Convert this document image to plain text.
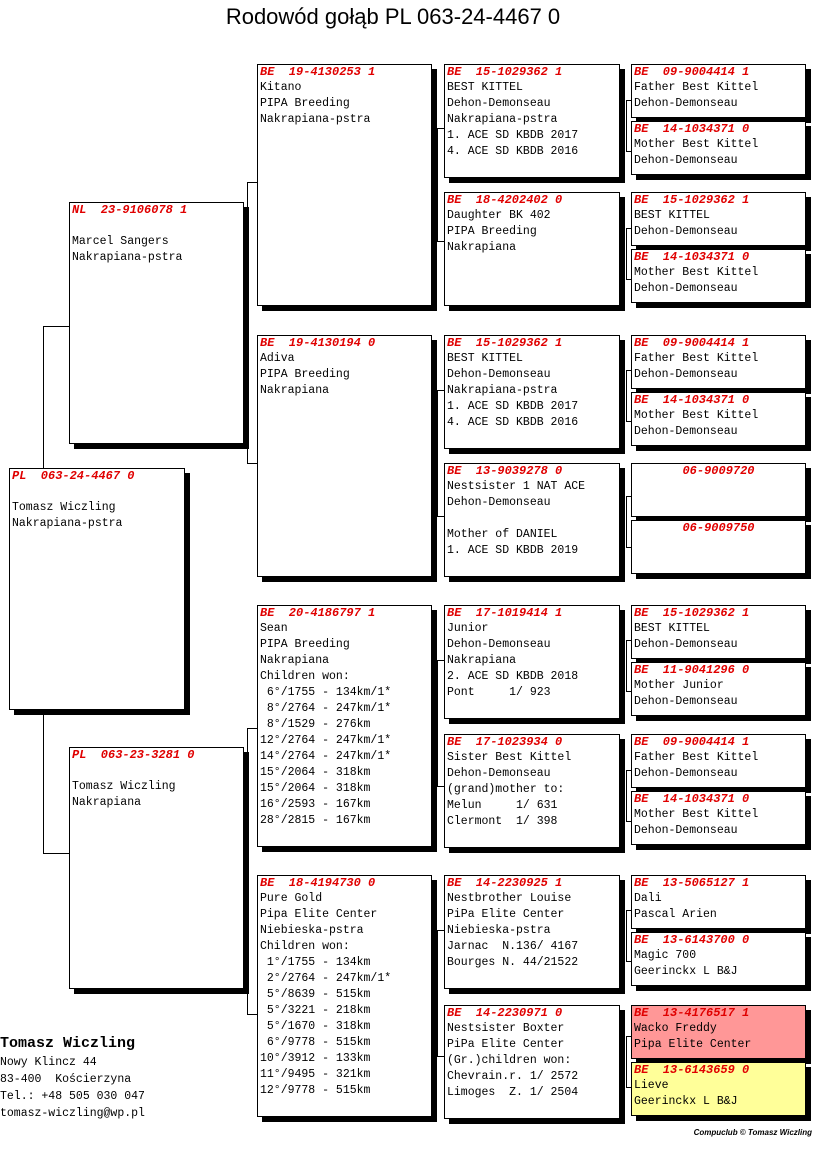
Rodowód gołąb PL 063-24-4467 0
PL  063-24-4467 0
Tomasz Wiczling
Nakrapiana-pstra
NL  23-9106078 1
Marcel Sangers
Nakrapiana-pstra
PL  063-23-3281 0
Tomasz Wiczling
Nakrapiana
BE  19-4130253 1
Kitano
PIPA Breeding
Nakrapiana-pstra
BE  19-4130194 0
Adiva
PIPA Breeding
Nakrapiana
BE  20-4186797 1
Sean
PIPA Breeding
Nakrapiana
Children won:
6°/1755 - 134km/1*
8°/2764 - 247km/1*
8°/1529 - 276km
12°/2764 - 247km/1*
14°/2764 - 247km/1*
15°/2064 - 318km
15°/2064 - 318km
16°/2593 - 167km
28°/2815 - 167km
BE  18-4194730 0
Pure Gold
Pipa Elite Center
Niebieska-pstra
Children won:
1°/1755 - 134km
2°/2764 - 247km/1*
5°/8639 - 515km
5°/3221 - 218km
5°/1670 - 318km
6°/9778 - 515km
10°/3912 - 133km
11°/9495 - 321km
12°/9778 - 515km
BE  15-1029362 1
BEST KITTEL
Dehon-Demonseau
Nakrapiana-pstra
1. ACE SD KBDB 2017
4. ACE SD KBDB 2016
BE  18-4202402 0
Daughter BK 402
PIPA Breeding
Nakrapiana
BE  15-1029362 1
BEST KITTEL
Dehon-Demonseau
Nakrapiana-pstra
1. ACE SD KBDB 2017
4. ACE SD KBDB 2016
BE  13-9039278 0
Nestsister 1 NAT ACE
Dehon-Demonseau
Mother of DANIEL
1. ACE SD KBDB 2019
BE  17-1019414 1
Junior
Dehon-Demonseau
Nakrapiana
2. ACE SD KBDB 2018
Pont     1/ 923
BE  17-1023934 0
Sister Best Kittel
Dehon-Demonseau
(grand)mother to:
Melun     1/ 631
Clermont  1/ 398
BE  14-2230925 1
Nestbrother Louise
PiPa Elite Center
Niebieska-pstra
Jarnac  N.136/ 4167
Bourges N. 44/21522
BE  14-2230971 0
Nestsister Boxter
PiPa Elite Center
(Gr.)children won:
Chevrain.r. 1/ 2572
Limoges  Z. 1/ 2504
BE  09-9004414 1
Father Best Kittel
Dehon-Demonseau
BE  14-1034371 0
Mother Best Kittel
Dehon-Demonseau
BE  15-1029362 1
BEST KITTEL
Dehon-Demonseau
BE  14-1034371 0
Mother Best Kittel
Dehon-Demonseau
BE  09-9004414 1
Father Best Kittel
Dehon-Demonseau
BE  14-1034371 0
Mother Best Kittel
Dehon-Demonseau
06-9009720
06-9009750
BE  15-1029362 1
BEST KITTEL
Dehon-Demonseau
BE  11-9041296 0
Mother Junior
Dehon-Demonseau
BE  09-9004414 1
Father Best Kittel
Dehon-Demonseau
BE  14-1034371 0
Mother Best Kittel
Dehon-Demonseau
BE  13-5065127 1
Dali
Pascal Arien
BE  13-6143700 0
Magic 700
Geerinckx L B&J
BE  13-4176517 1
Wacko Freddy
Pipa Elite Center
BE  13-6143659 0
Lieve
Geerinckx L B&J
Tomasz Wiczling
Nowy Klincz 44
83-400  Kościerzyna
Tel.: +48 505 030 047
tomasz-wiczling@wp.pl
Compuclub © Tomasz Wiczling
